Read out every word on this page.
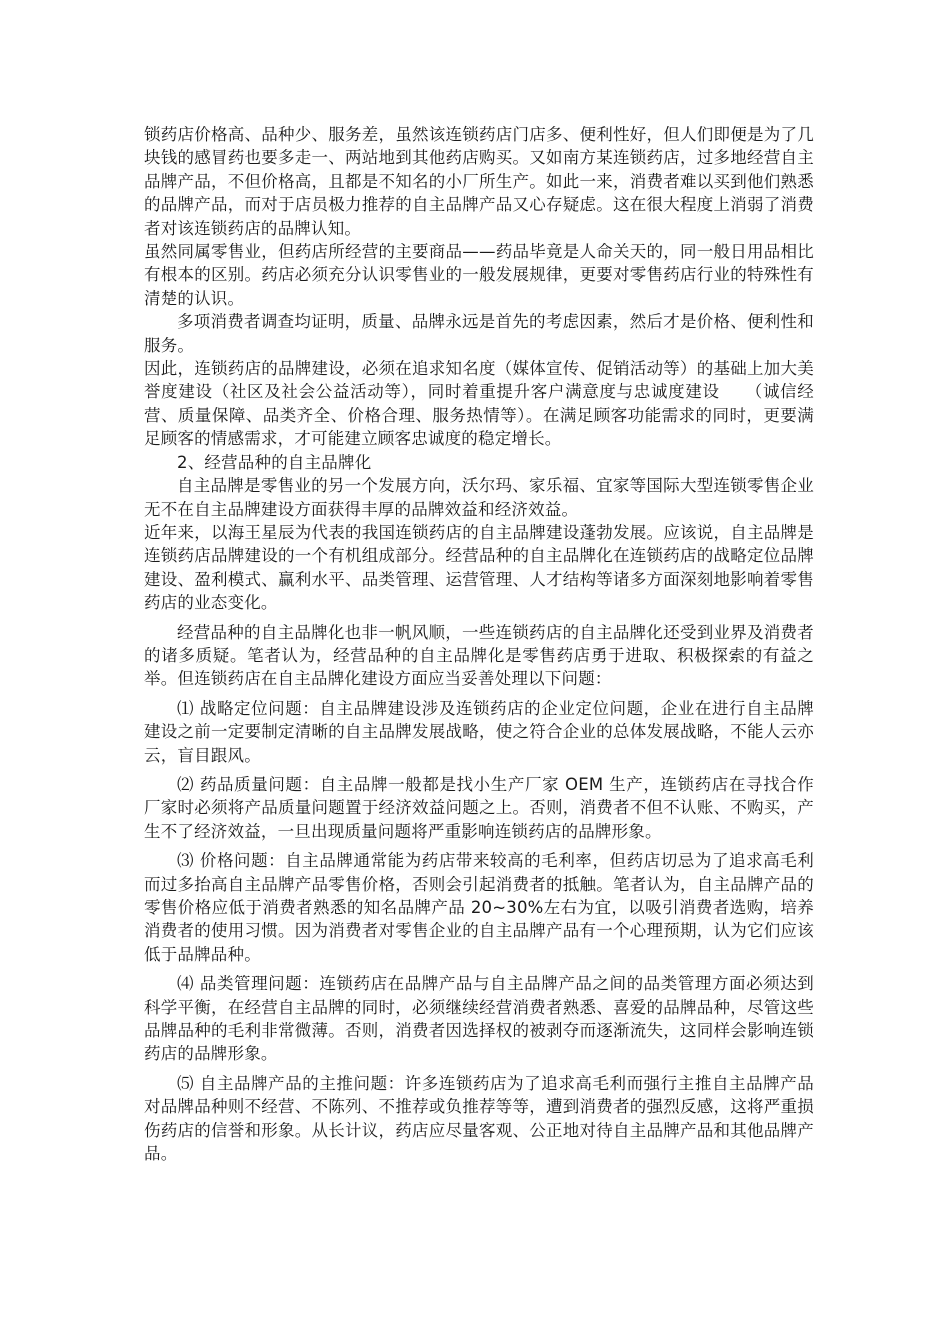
锁药店价格高、品种少、服务差，虽然该连锁药店门店多、便利性好，但人们即便是为了几块钱的感冒药也要多走一、两站地到其他药店购买。又如南方某连锁药店，过多地经营自主品牌产品，不但价格高，且都是不知名的小厂所生产。如此一来，消费者难以买到他们熟悉的品牌产品，而对于店员极力推荐的自主品牌产品又心存疑虑。这在很大程度上消弱了消费者对该连锁药店的品牌认知。

虽然同属零售业，但药店所经营的主要商品——药品毕竟是人命关天的，同一般日用品相比有根本的区别。药店必须充分认识零售业的一般发展规律，更要对零售药店行业的特殊性有清楚的认识。

多项消费者调查均证明，质量、品牌永远是首先的考虑因素，然后才是价格、便利性和服务。

因此，连锁药店的品牌建设，必须在追求知名度（媒体宣传、促销活动等）的基础上加大美誉度建设（社区及社会公益活动等），同时着重提升客户满意度与忠诚度建设　　（诚信经营、质量保障、品类齐全、价格合理、服务热情等）。在满足顾客功能需求的同时，更要满足顾客的情感需求，才可能建立顾客忠诚度的稳定增长。

2、经营品种的自主品牌化

自主品牌是零售业的另一个发展方向，沃尔玛、家乐福、宜家等国际大型连锁零售企业无不在自主品牌建设方面获得丰厚的品牌效益和经济效益。

近年来，以海王星辰为代表的我国连锁药店的自主品牌建设蓬勃发展。应该说，自主品牌是连锁药店品牌建设的一个有机组成部分。经营品种的自主品牌化在连锁药店的战略定位品牌建设、盈利模式、赢利水平、品类管理、运营管理、人才结构等诸多方面深刻地影响着零售药店的业态变化。

经营品种的自主品牌化也非一帆风顺，一些连锁药店的自主品牌化还受到业界及消费者的诸多质疑。笔者认为，经营品种的自主品牌化是零售药店勇于进取、积极探索的有益之举。但连锁药店在自主品牌化建设方面应当妥善处理以下问题：

⑴ 战略定位问题：自主品牌建设涉及连锁药店的企业定位问题，企业在进行自主品牌建设之前一定要制定清晰的自主品牌发展战略，使之符合企业的总体发展战略，不能人云亦云，盲目跟风。

⑵ 药品质量问题：自主品牌一般都是找小生产厂家 OEM 生产，连锁药店在寻找合作厂家时必须将产品质量问题置于经济效益问题之上。否则，消费者不但不认账、不购买，产生不了经济效益，一旦出现质量问题将严重影响连锁药店的品牌形象。

⑶ 价格问题：自主品牌通常能为药店带来较高的毛利率，但药店切忌为了追求高毛利而过多抬高自主品牌产品零售价格，否则会引起消费者的抵触。笔者认为，自主品牌产品的零售价格应低于消费者熟悉的知名品牌产品 20~30%左右为宜，以吸引消费者选购，培养消费者的使用习惯。因为消费者对零售企业的自主品牌产品有一个心理预期，认为它们应该低于品牌品种。

⑷ 品类管理问题：连锁药店在品牌产品与自主品牌产品之间的品类管理方面必须达到科学平衡，在经营自主品牌的同时，必须继续经营消费者熟悉、喜爱的品牌品种，尽管这些品牌品种的毛利非常微薄。否则，消费者因选择权的被剥夺而逐渐流失，这同样会影响连锁药店的品牌形象。

⑸ 自主品牌产品的主推问题：许多连锁药店为了追求高毛利而强行主推自主品牌产品对品牌品种则不经营、不陈列、不推荐或负推荐等等，遭到消费者的强烈反感，这将严重损伤药店的信誉和形象。从长计议，药店应尽量客观、公正地对待自主品牌产品和其他品牌产品。
